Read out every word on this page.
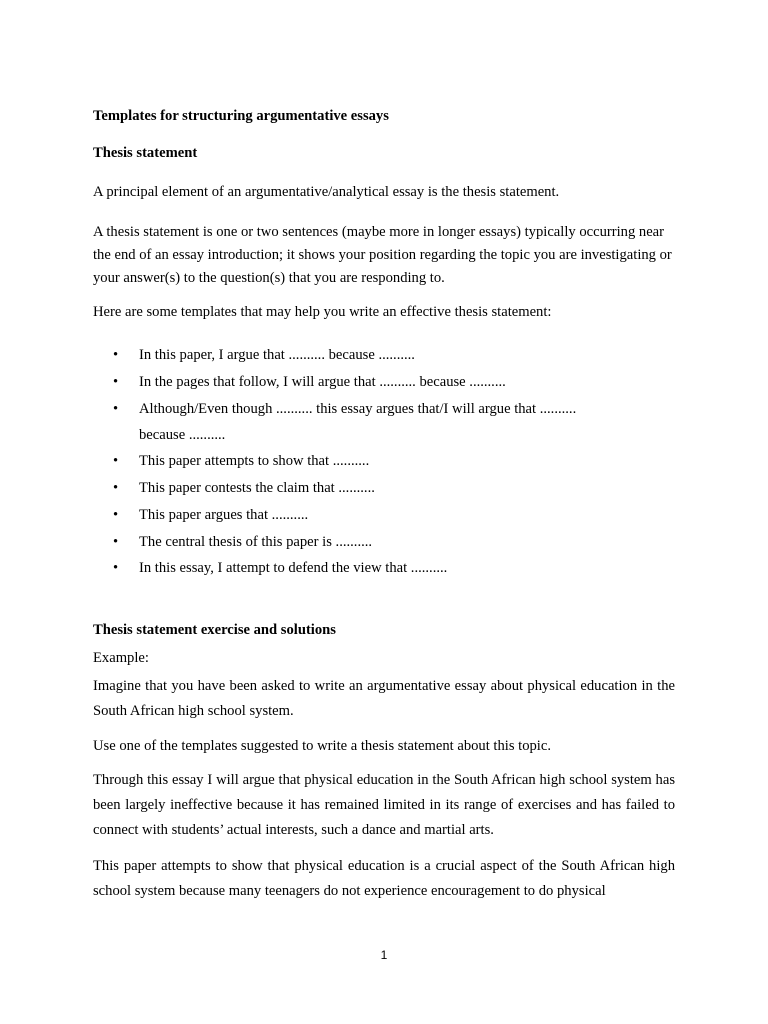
Templates for structuring argumentative essays

Thesis statement

A principal element of an argumentative/analytical essay is the thesis statement.

A thesis statement is one or two sentences (maybe more in longer essays) typically occurring near the end of an essay introduction; it shows your position regarding the topic you are investigating or your answer(s) to the question(s) that you are responding to.

Here are some templates that may help you write an effective thesis statement:

•	In this paper, I argue that .......... because ..........
•	In the pages that follow, I will argue that .......... because ..........
•	Although/Even though .......... this essay argues that/I will argue that .......... because ..........
•	This paper attempts to show that ..........
•	This paper contests the claim that ..........
•	This paper argues that ..........
•	The central thesis of this paper is ..........
•	In this essay, I attempt to defend the view that ..........

Thesis statement exercise and solutions

Example:

Imagine that you have been asked to write an argumentative essay about physical education in the South African high school system.

Use one of the templates suggested to write a thesis statement about this topic.

Through this essay I will argue that physical education in the South African high school system has been largely ineffective because it has remained limited in its range of exercises and has failed to connect with students’ actual interests, such a dance and martial arts.

This paper attempts to show that physical education is a crucial aspect of the South African high school system because many teenagers do not experience encouragement to do physical

1
